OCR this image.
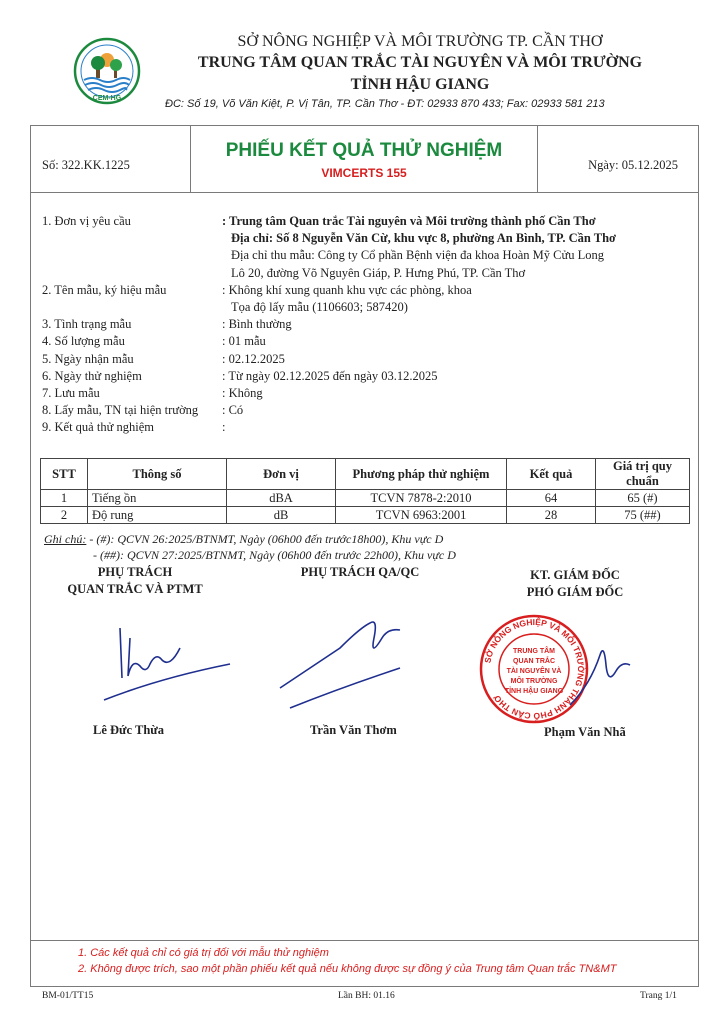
CEM-HG
SỞ NÔNG NGHIỆP VÀ MÔI TRƯỜNG TP. CẦN THƠ
TRUNG TÂM QUAN TRẮC TÀI NGUYÊN VÀ MÔI TRƯỜNG
TỈNH HẬU GIANG
ĐC: Số 19, Võ Văn Kiệt, P. Vị Tân, TP. Cần Thơ - ĐT: 02933 870 433; Fax: 02933 581 213
Số: 322.KK.1225
PHIẾU KẾT QUẢ THỬ NGHIỆM
VIMCERTS 155
Ngày: 05.12.2025
1. Đơn vị yêu cầu	: Trung tâm Quan trắc Tài nguyên và Môi trường thành phố Cần Thơ
Địa chỉ: Số 8 Nguyễn Văn Cừ, khu vực 8, phường An Bình, TP. Cần Thơ
Địa chỉ thu mẫu: Công ty Cổ phần Bệnh viện đa khoa Hoàn Mỹ Cửu Long
Lô 20, đường Võ Nguyên Giáp, P. Hưng Phú, TP. Cần Thơ
2. Tên mẫu, ký hiệu mẫu	: Không khí xung quanh khu vực các phòng, khoa
Tọa độ lấy mẫu (1106603; 587420)
3. Tình trạng mẫu	: Bình thường
4. Số lượng mẫu	: 01 mẫu
5. Ngày nhận mẫu	: 02.12.2025
6. Ngày thử nghiệm	: Từ ngày 02.12.2025 đến ngày 03.12.2025
7. Lưu mẫu	: Không
8. Lấy mẫu, TN tại hiện trường : Có
9. Kết quả thử nghiệm	:
STT	Thông số	Đơn vị	Phương pháp thử nghiệm	Kết quả	Giá trị quy chuẩn
1	Tiếng ồn	dBA	TCVN 7878-2:2010	64	65 (#)
2	Độ rung	dB	TCVN 6963:2001	28	75 (##)
Ghi chú: - (#): QCVN 26:2025/BTNMT, Ngày (06h00 đến trước18h00), Khu vực D
- (##): QCVN 27:2025/BTNMT, Ngày (06h00 đến trước 22h00), Khu vực D
PHỤ TRÁCH
QUAN TRẮC VÀ PTMT
PHỤ TRÁCH QA/QC	KT. GIÁM ĐỐC
PHÓ GIÁM ĐỐC
SỞ NÔNG NGHIỆP VÀ MÔI TRƯỜNG THÀNH PHỐ CẦN THƠ
TRUNG TÂM
QUAN TRẮC
TÀI NGUYÊN VÀ
MÔI TRƯỜNG
TỈNH HẬU GIANG
Lê Đức Thừa	Trần Văn Thơm	Phạm Văn Nhã
1. Các kết quả chỉ có giá trị đối với mẫu thử nghiệm
2. Không được trích, sao một phần phiếu kết quả nếu không được sự đồng ý của Trung tâm Quan trắc TN&MT
BM-01/TT15	Lần BH: 01.16	Trang 1/1
